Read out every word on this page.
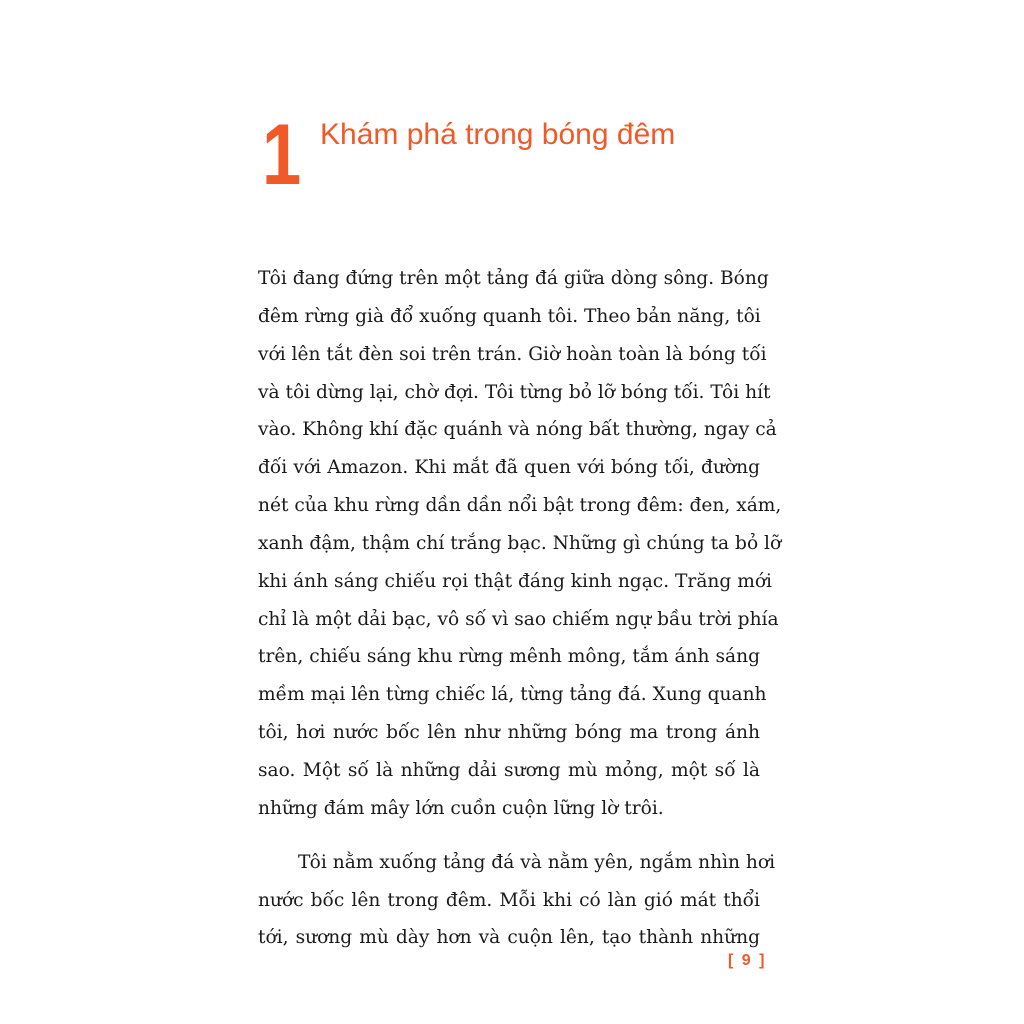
1 Khám phá trong bóng đêm
Tôi đang đứng trên một tảng đá giữa dòng sông. Bóng
đêm rừng già đổ xuống quanh tôi. Theo bản năng, tôi
với lên tắt đèn soi trên trán. Giờ hoàn toàn là bóng tối
và tôi dừng lại, chờ đợi. Tôi từng bỏ lỡ bóng tối. Tôi hít
vào. Không khí đặc quánh và nóng bất thường, ngay cả
đối với Amazon. Khi mắt đã quen với bóng tối, đường
nét của khu rừng dần dần nổi bật trong đêm: đen, xám,
xanh đậm, thậm chí trắng bạc. Những gì chúng ta bỏ lỡ
khi ánh sáng chiếu rọi thật đáng kinh ngạc. Trăng mới
chỉ là một dải bạc, vô số vì sao chiếm ngự bầu trời phía
trên, chiếu sáng khu rừng mênh mông, tắm ánh sáng
mềm mại lên từng chiếc lá, từng tảng đá. Xung quanh
tôi, hơi nước bốc lên như những bóng ma trong ánh
sao. Một số là những dải sương mù mỏng, một số là
những đám mây lớn cuồn cuộn lững lờ trôi.
Tôi nằm xuống tảng đá và nằm yên, ngắm nhìn hơi
nước bốc lên trong đêm. Mỗi khi có làn gió mát thổi
tới, sương mù dày hơn và cuộn lên, tạo thành những
[ 9 ]
